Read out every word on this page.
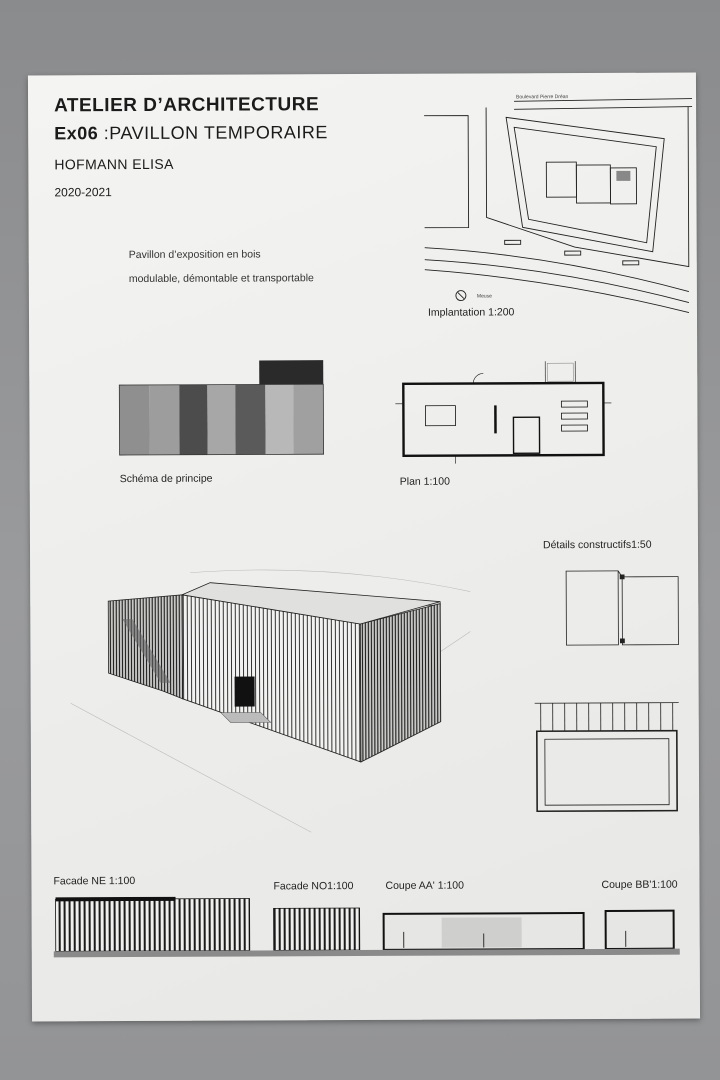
ATELIER D’ARCHITECTURE
Ex06 :PAVILLON TEMPORAIRE
HOFMANN ELISA
2020-2021
Pavillon d’exposition en bois
modulable, démontable et transportable
Boulevard Pierre Dréan
Meuse
Implantation 1:200
Schéma de principe	Plan 1:100
Détails constructifs1:50
Facade NE 1:100	Facade NO1:100	Coupe AA' 1:100	Coupe BB'1:100
